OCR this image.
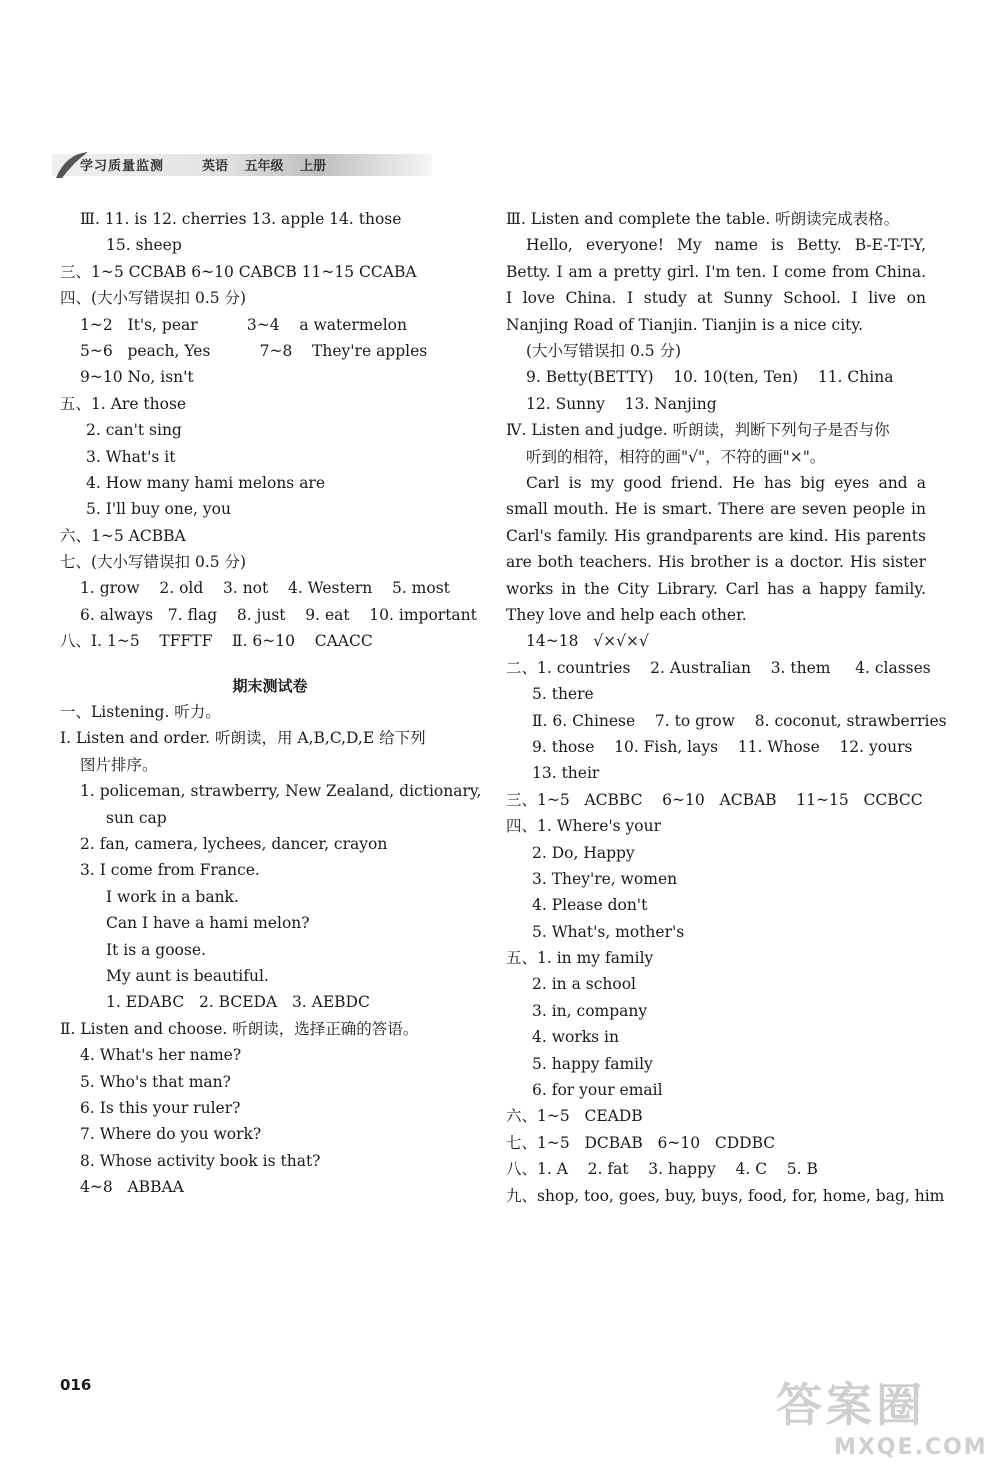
学习质量监测	英语 五年级 上册
Ⅲ. 11. is 12. cherries 13. apple 14. those
15. sheep
三、1~5 CCBAB 6~10 CABCB 11~15 CCABA
四、(大小写错误扣 0.5 分)
1~2   It's, pear          3~4    a watermelon
5~6   peach, Yes          7~8    They're apples
9~10 No, isn't
五、1. Are those
2. can't sing
3. What's it
4. How many hami melons are
5. I'll buy one, you
六、1~5 ACBBA
七、(大小写错误扣 0.5 分)
1. grow    2. old    3. not    4. Western    5. most
6. always   7. flag    8. just    9. eat    10. important
八、Ⅰ. 1~5    TFFTF    Ⅱ. 6~10    CAACC
期末测试卷
一、Listening. 听力。
Ⅰ. Listen and order. 听朗读，用 A,B,C,D,E 给下列
图片排序。
1. policeman, strawberry, New Zealand, dictionary,
sun cap
2. fan, camera, lychees, dancer, crayon
3. I come from France.
I work in a bank.
Can I have a hami melon?
It is a goose.
My aunt is beautiful.
1. EDABC   2. BCEDA   3. AEBDC
Ⅱ. Listen and choose. 听朗读，选择正确的答语。
4. What's her name?
5. Who's that man?
6. Is this your ruler?
7. Where do you work?
8. Whose activity book is that?
4~8   ABBAA
Ⅲ. Listen and complete the table. 听朗读完成表格。

Hello, everyone! My name is Betty. B-E-T-T-Y, Betty. I am a pretty girl. I'm ten. I come from China. I love China. I study at Sunny School. I live on Nanjing Road of Tianjin. Tianjin is a nice city.

(大小写错误扣 0.5 分)
9. Betty(BETTY)    10. 10(ten, Ten)    11. China
12. Sunny    13. Nanjing
Ⅳ. Listen and judge. 听朗读，判断下列句子是否与你
听到的相符，相符的画"√"，不符的画"×"。

Carl is my good friend. He has big eyes and a small mouth. He is smart. There are seven people in Carl's family. His grandparents are kind. His parents are both teachers. His brother is a doctor. His sister works in the City Library. Carl has a happy family. They love and help each other.

14~18   √×√×√
二、1. countries    2. Australian    3. them     4. classes
5. there
Ⅱ. 6. Chinese    7. to grow    8. coconut, strawberries
9. those    10. Fish, lays    11. Whose    12. yours
13. their
三、1~5   ACBBC    6~10   ACBAB    11~15   CCBCC
四、1. Where's your
2. Do, Happy
3. They're, women
4. Please don't
5. What's, mother's
五、1. in my family
2. in a school
3. in, company
4. works in
5. happy family
6. for your email
六、1~5   CEADB
七、1~5   DCBAB   6~10   CDDBC
八、1. A    2. fat    3. happy    4. C    5. B
九、shop, too, goes, buy, buys, food, for, home, bag, him
016	答案圈
MXQE.COM
